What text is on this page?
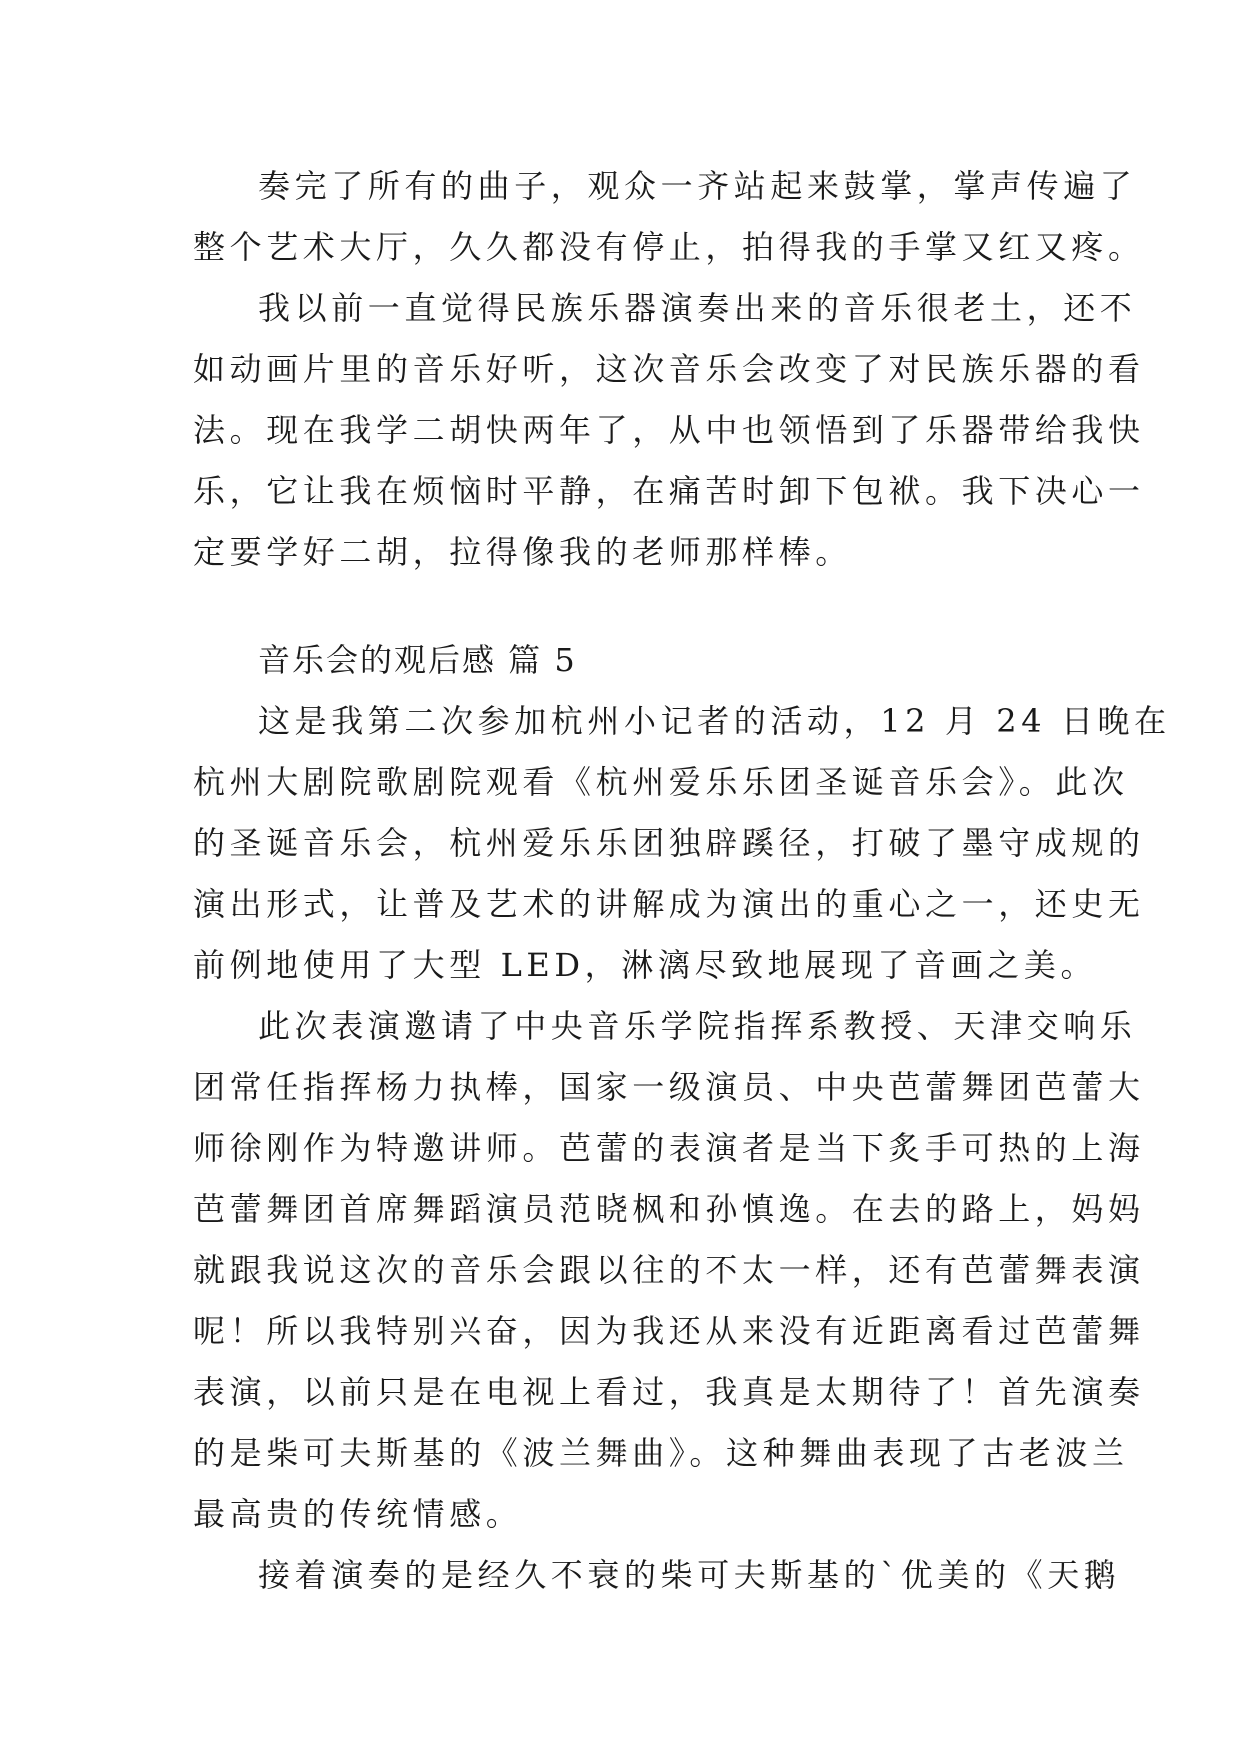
奏完了所有的曲子，观众一齐站起来鼓掌，掌声传遍了
整个艺术大厅，久久都没有停止，拍得我的手掌又红又疼。
我以前一直觉得民族乐器演奏出来的音乐很老土，还不
如动画片里的音乐好听，这次音乐会改变了对民族乐器的看
法。现在我学二胡快两年了，从中也领悟到了乐器带给我快
乐，它让我在烦恼时平静，在痛苦时卸下包袱。我下决心一
定要学好二胡，拉得像我的老师那样棒。
音乐会的观后感 篇 5
这是我第二次参加杭州小记者的活动，12 月 24 日晚在
杭州大剧院歌剧院观看《杭州爱乐乐团圣诞音乐会》。此次
的圣诞音乐会，杭州爱乐乐团独辟蹊径，打破了墨守成规的
演出形式，让普及艺术的讲解成为演出的重心之一，还史无
前例地使用了大型 LED，淋漓尽致地展现了音画之美。
此次表演邀请了中央音乐学院指挥系教授、天津交响乐
团常任指挥杨力执棒，国家一级演员、中央芭蕾舞团芭蕾大
师徐刚作为特邀讲师。芭蕾的表演者是当下炙手可热的上海
芭蕾舞团首席舞蹈演员范晓枫和孙慎逸。在去的路上，妈妈
就跟我说这次的音乐会跟以往的不太一样，还有芭蕾舞表演
呢！所以我特别兴奋，因为我还从来没有近距离看过芭蕾舞
表演，以前只是在电视上看过，我真是太期待了！首先演奏
的是柴可夫斯基的《波兰舞曲》。这种舞曲表现了古老波兰
最高贵的传统情感。
接着演奏的是经久不衰的柴可夫斯基的`优美的《天鹅
